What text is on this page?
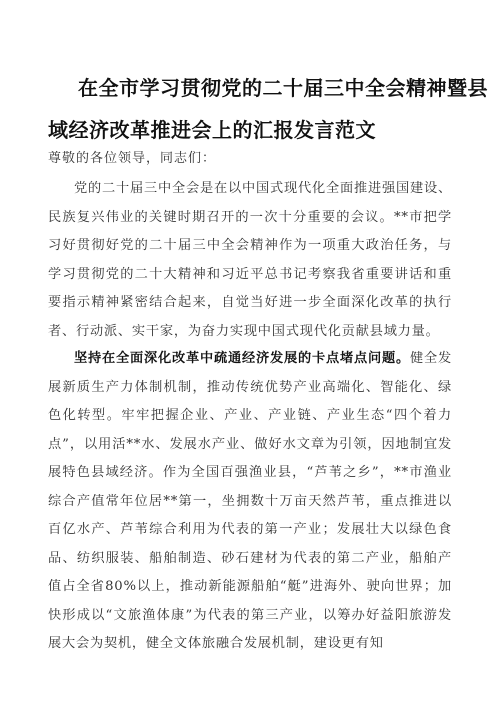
在全市学习贯彻党的二十届三中全会精神暨县
域经济改革推进会上的汇报发言范文
尊敬的各位领导，同志们：

党的二十届三中全会是在以中国式现代化全面推进强国建设、民族复兴伟业的关键时期召开的一次十分重要的会议。**市把学习好贯彻好党的二十届三中全会精神作为一项重大政治任务，与学习贯彻党的二十大精神和习近平总书记考察我省重要讲话和重要指示精神紧密结合起来，自觉当好进一步全面深化改革的执行者、行动派、实干家，为奋力实现中国式现代化贡献县域力量。

坚持在全面深化改革中疏通经济发展的卡点堵点问题。健全发展新质生产力体制机制，推动传统优势产业高端化、智能化、绿色化转型。牢牢把握企业、产业、产业链、产业生态“四个着力点”，以用活**水、发展水产业、做好水文章为引领，因地制宜发展特色县域经济。作为全国百强渔业县，“芦苇之乡”，**市渔业综合产值常年位居**第一，坐拥数十万亩天然芦苇，重点推进以百亿水产、芦苇综合利用为代表的第一产业；发展壮大以绿色食品、纺织服装、船舶制造、砂石建材为代表的第二产业，船舶产值占全省80%以上，推动新能源船舶“艇”进海外、驶向世界；加快形成以“文旅渔体康”为代表的第三产业，以筹办好益阳旅游发展大会为契机，健全文体旅融合发展机制，建设更有知
